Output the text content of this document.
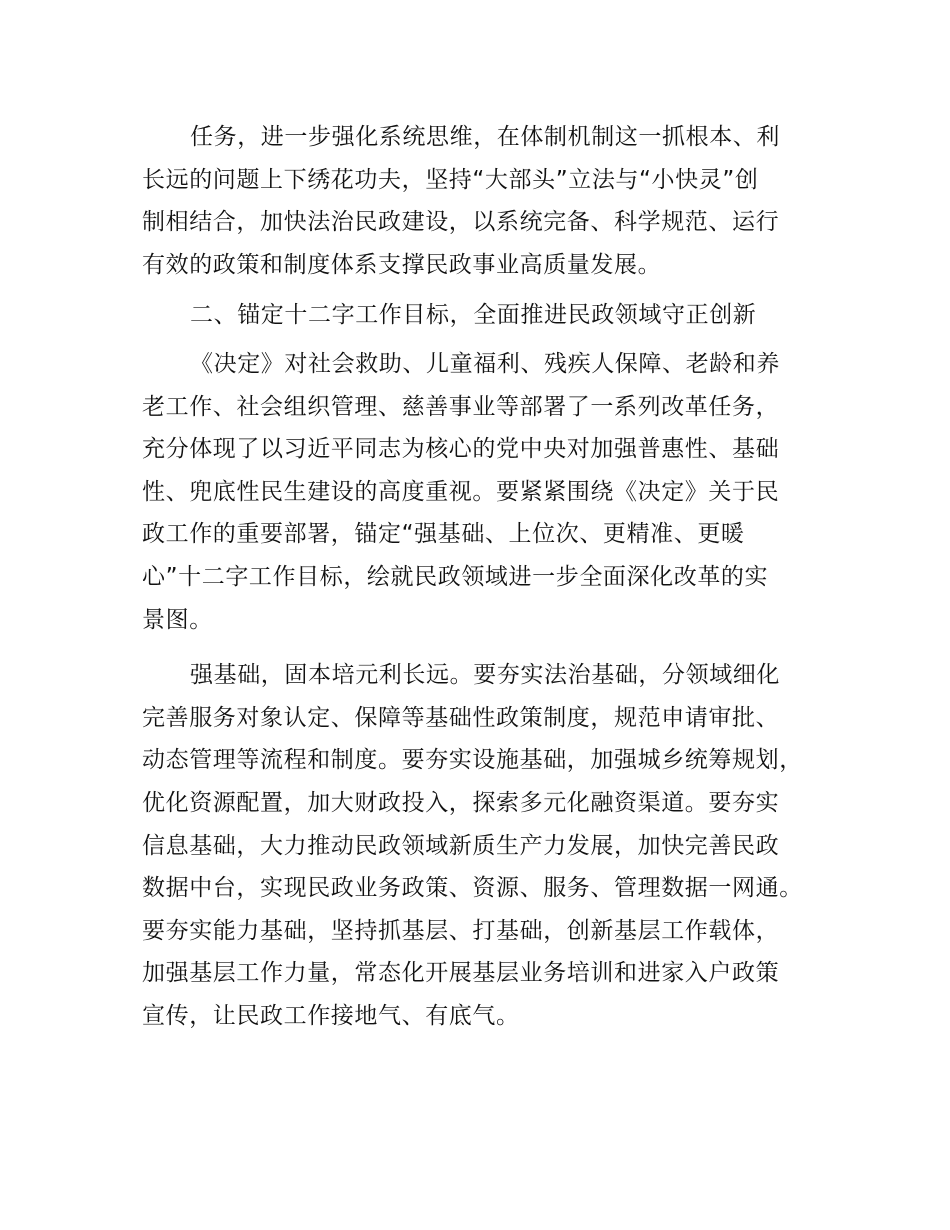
任务，进一步强化系统思维，在体制机制这一抓根本、利
长远的问题上下绣花功夫，坚持“大部头”立法与“小快灵”创
制相结合，加快法治民政建设，以系统完备、科学规范、运行
有效的政策和制度体系支撑民政事业高质量发展。
二、锚定十二字工作目标，全面推进民政领域守正创新
《决定》对社会救助、儿童福利、残疾人保障、老龄和养
老工作、社会组织管理、慈善事业等部署了一系列改革任务，
充分体现了以习近平同志为核心的党中央对加强普惠性、基础
性、兜底性民生建设的高度重视。要紧紧围绕《决定》关于民
政工作的重要部署，锚定“强基础、上位次、更精准、更暖
心”十二字工作目标，绘就民政领域进一步全面深化改革的实
景图。
强基础，固本培元利长远。要夯实法治基础，分领域细化
完善服务对象认定、保障等基础性政策制度，规范申请审批、
动态管理等流程和制度。要夯实设施基础，加强城乡统筹规划，
优化资源配置，加大财政投入，探索多元化融资渠道。要夯实
信息基础，大力推动民政领域新质生产力发展，加快完善民政
数据中台，实现民政业务政策、资源、服务、管理数据一网通。
要夯实能力基础，坚持抓基层、打基础，创新基层工作载体，
加强基层工作力量，常态化开展基层业务培训和进家入户政策
宣传，让民政工作接地气、有底气。
